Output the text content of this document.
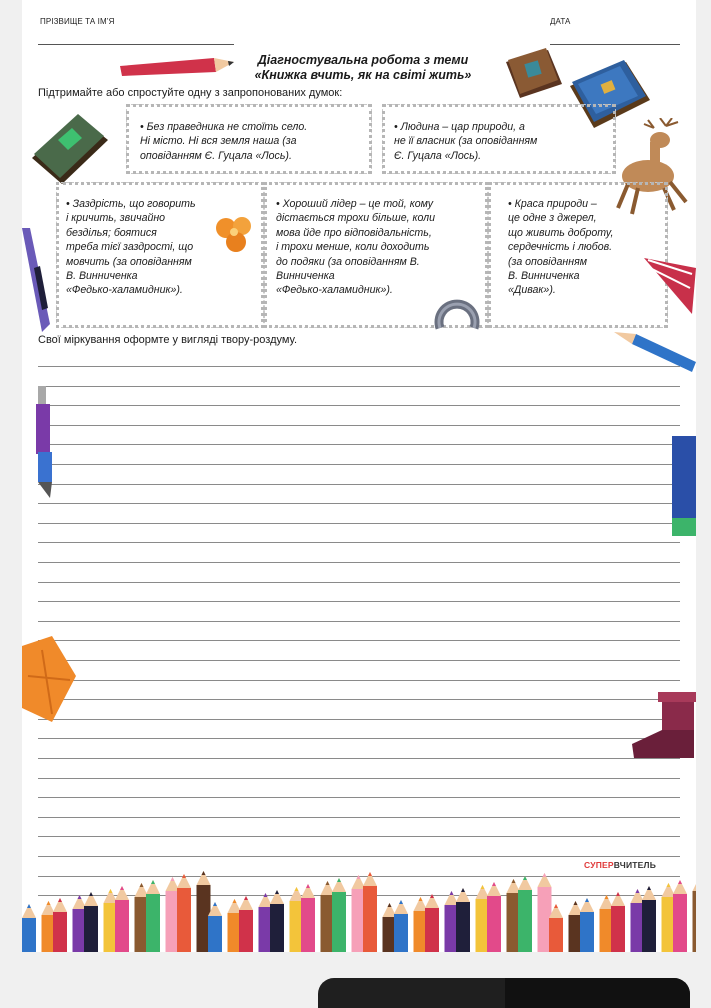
ПРІЗВИЩЕ ТА ІМ’Я	ДАТА
Діагностувальна робота з теми
«Книжка вчить, як на світі жить»
Підтримайте або спростуйте одну з запропонованих думок:
• Без праведника не стоїть село.
Ні місто. Ні вся земля наша (за
оповіданням Є. Гуцала «Лось).
• Людина – цар природи, а
не її власник (за оповіданням
Є. Гуцала «Лось).
• Заздрість, що говорить
і кричить, звичайно
безділья; боятися
треба тієї заздрості, що
мовчить (за оповіданням
В. Винниченка
«Федько-халамидник»).
• Хороший лідер – це той, кому
дістається трохи більше, коли
мова йде про відповідальність,
і трохи менше, коли доходить
до подяки (за оповіданням В.
Винниченка
«Федько-халамидник»).
• Краса природи –
це одне з джерел,
що живить доброту,
сердечність і любов.
(за оповіданням
В. Винниченка
«Дивак»).
Свої міркування оформте у вигляді твору-роздуму.
СУПЕРВЧИТЕЛЬ
